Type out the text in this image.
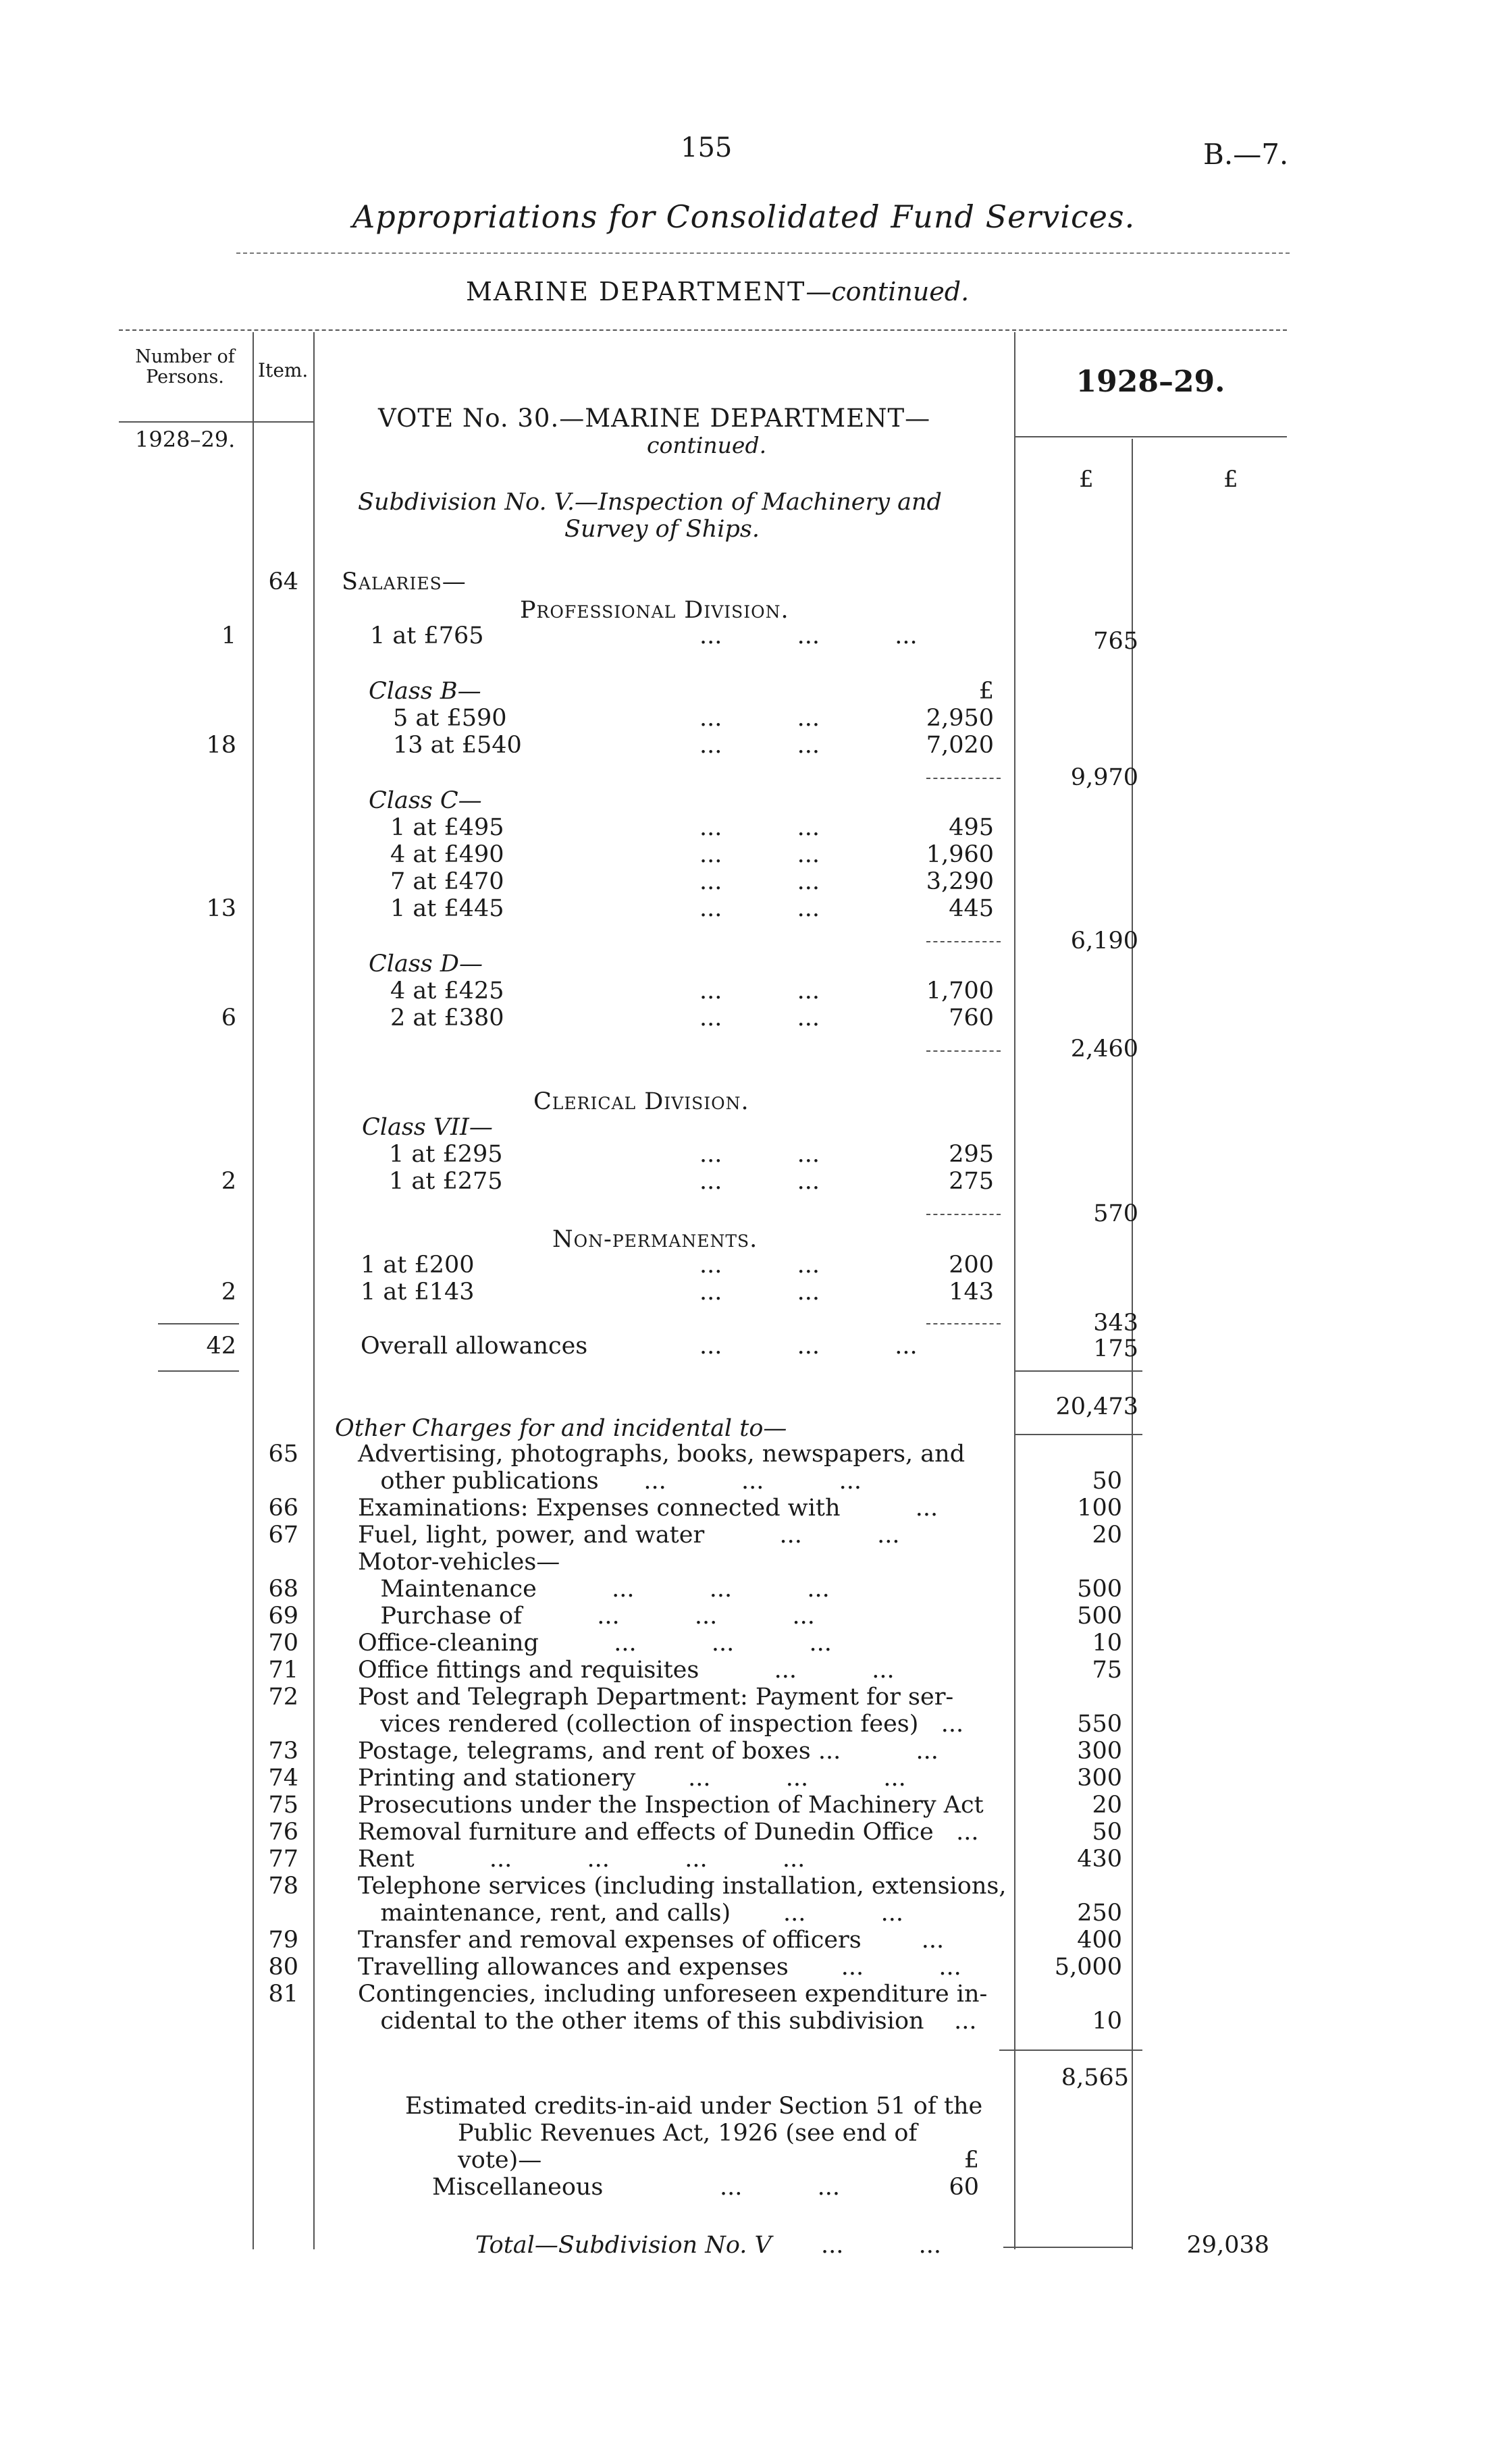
155	B.—7.
Appropriations for Consolidated Fund Services.
MARINE DEPARTMENT—continued.
Number of Persons.	Item.
1928–29.
1928–29.
£	£
VOTE No. 30.—MARINE DEPARTMENT—
continued.
Subdivision No. V.—Inspection of Machinery and
Survey of Ships.
64 Salaries—
Professional Division.
1	1 at £765	...          ...          ...	765
Class B—	£
5 at £590	...          ...	2,950
18	13 at £540	...          ...	7,020
9,970
Class C—
1 at £495	...          ...	495
4 at £490	...          ...	1,960
7 at £470	...          ...	3,290
13	1 at £445	...          ...	445
6,190
Class D—
4 at £425	...          ...	1,700
6	2 at £380	...          ...	760
2,460
Clerical Division.
Class VII—
1 at £295	...          ...	295
2	1 at £275	...          ...	275
570
Non-permanents.
1 at £200	...          ...	200
2	1 at £143	...          ...	143
343
42	Overall allowances	...          ...          ...	175
20,473
Other Charges for and incidental to—
65	Advertising, photographs, books, newspapers, and
other publications      ...          ...          ...	50
66	Examinations: Expenses connected with          ...	100
67	Fuel, light, power, and water          ...          ...	20
Motor-vehicles—
68	Maintenance          ...          ...          ...	500
69	Purchase of          ...          ...          ...	500
70	Office-cleaning          ...          ...          ...	10
71	Office fittings and requisites          ...          ...	75
72	Post and Telegraph Department: Payment for ser-
vices rendered (collection of inspection fees)   ...	550
73	Postage, telegrams, and rent of boxes ...          ...	300
74	Printing and stationery       ...          ...          ...	300
75	Prosecutions under the Inspection of Machinery Act	20
76	Removal furniture and effects of Dunedin Office   ...	50
77	Rent          ...          ...          ...          ...	430
78	Telephone services (including installation, extensions,
maintenance, rent, and calls)       ...          ...	250
79	Transfer and removal expenses of officers        ...	400
80	Travelling allowances and expenses       ...          ...	5,000
81	Contingencies, including unforeseen expenditure in-
cidental to the other items of this subdivision    ...	10
8,565
Estimated credits-in-aid under Section 51 of the
Public Revenues Act, 1926 (see end of
vote)—	£
Miscellaneous	...          ...	60
Total—Subdivision No. V ...          ...	29,038
